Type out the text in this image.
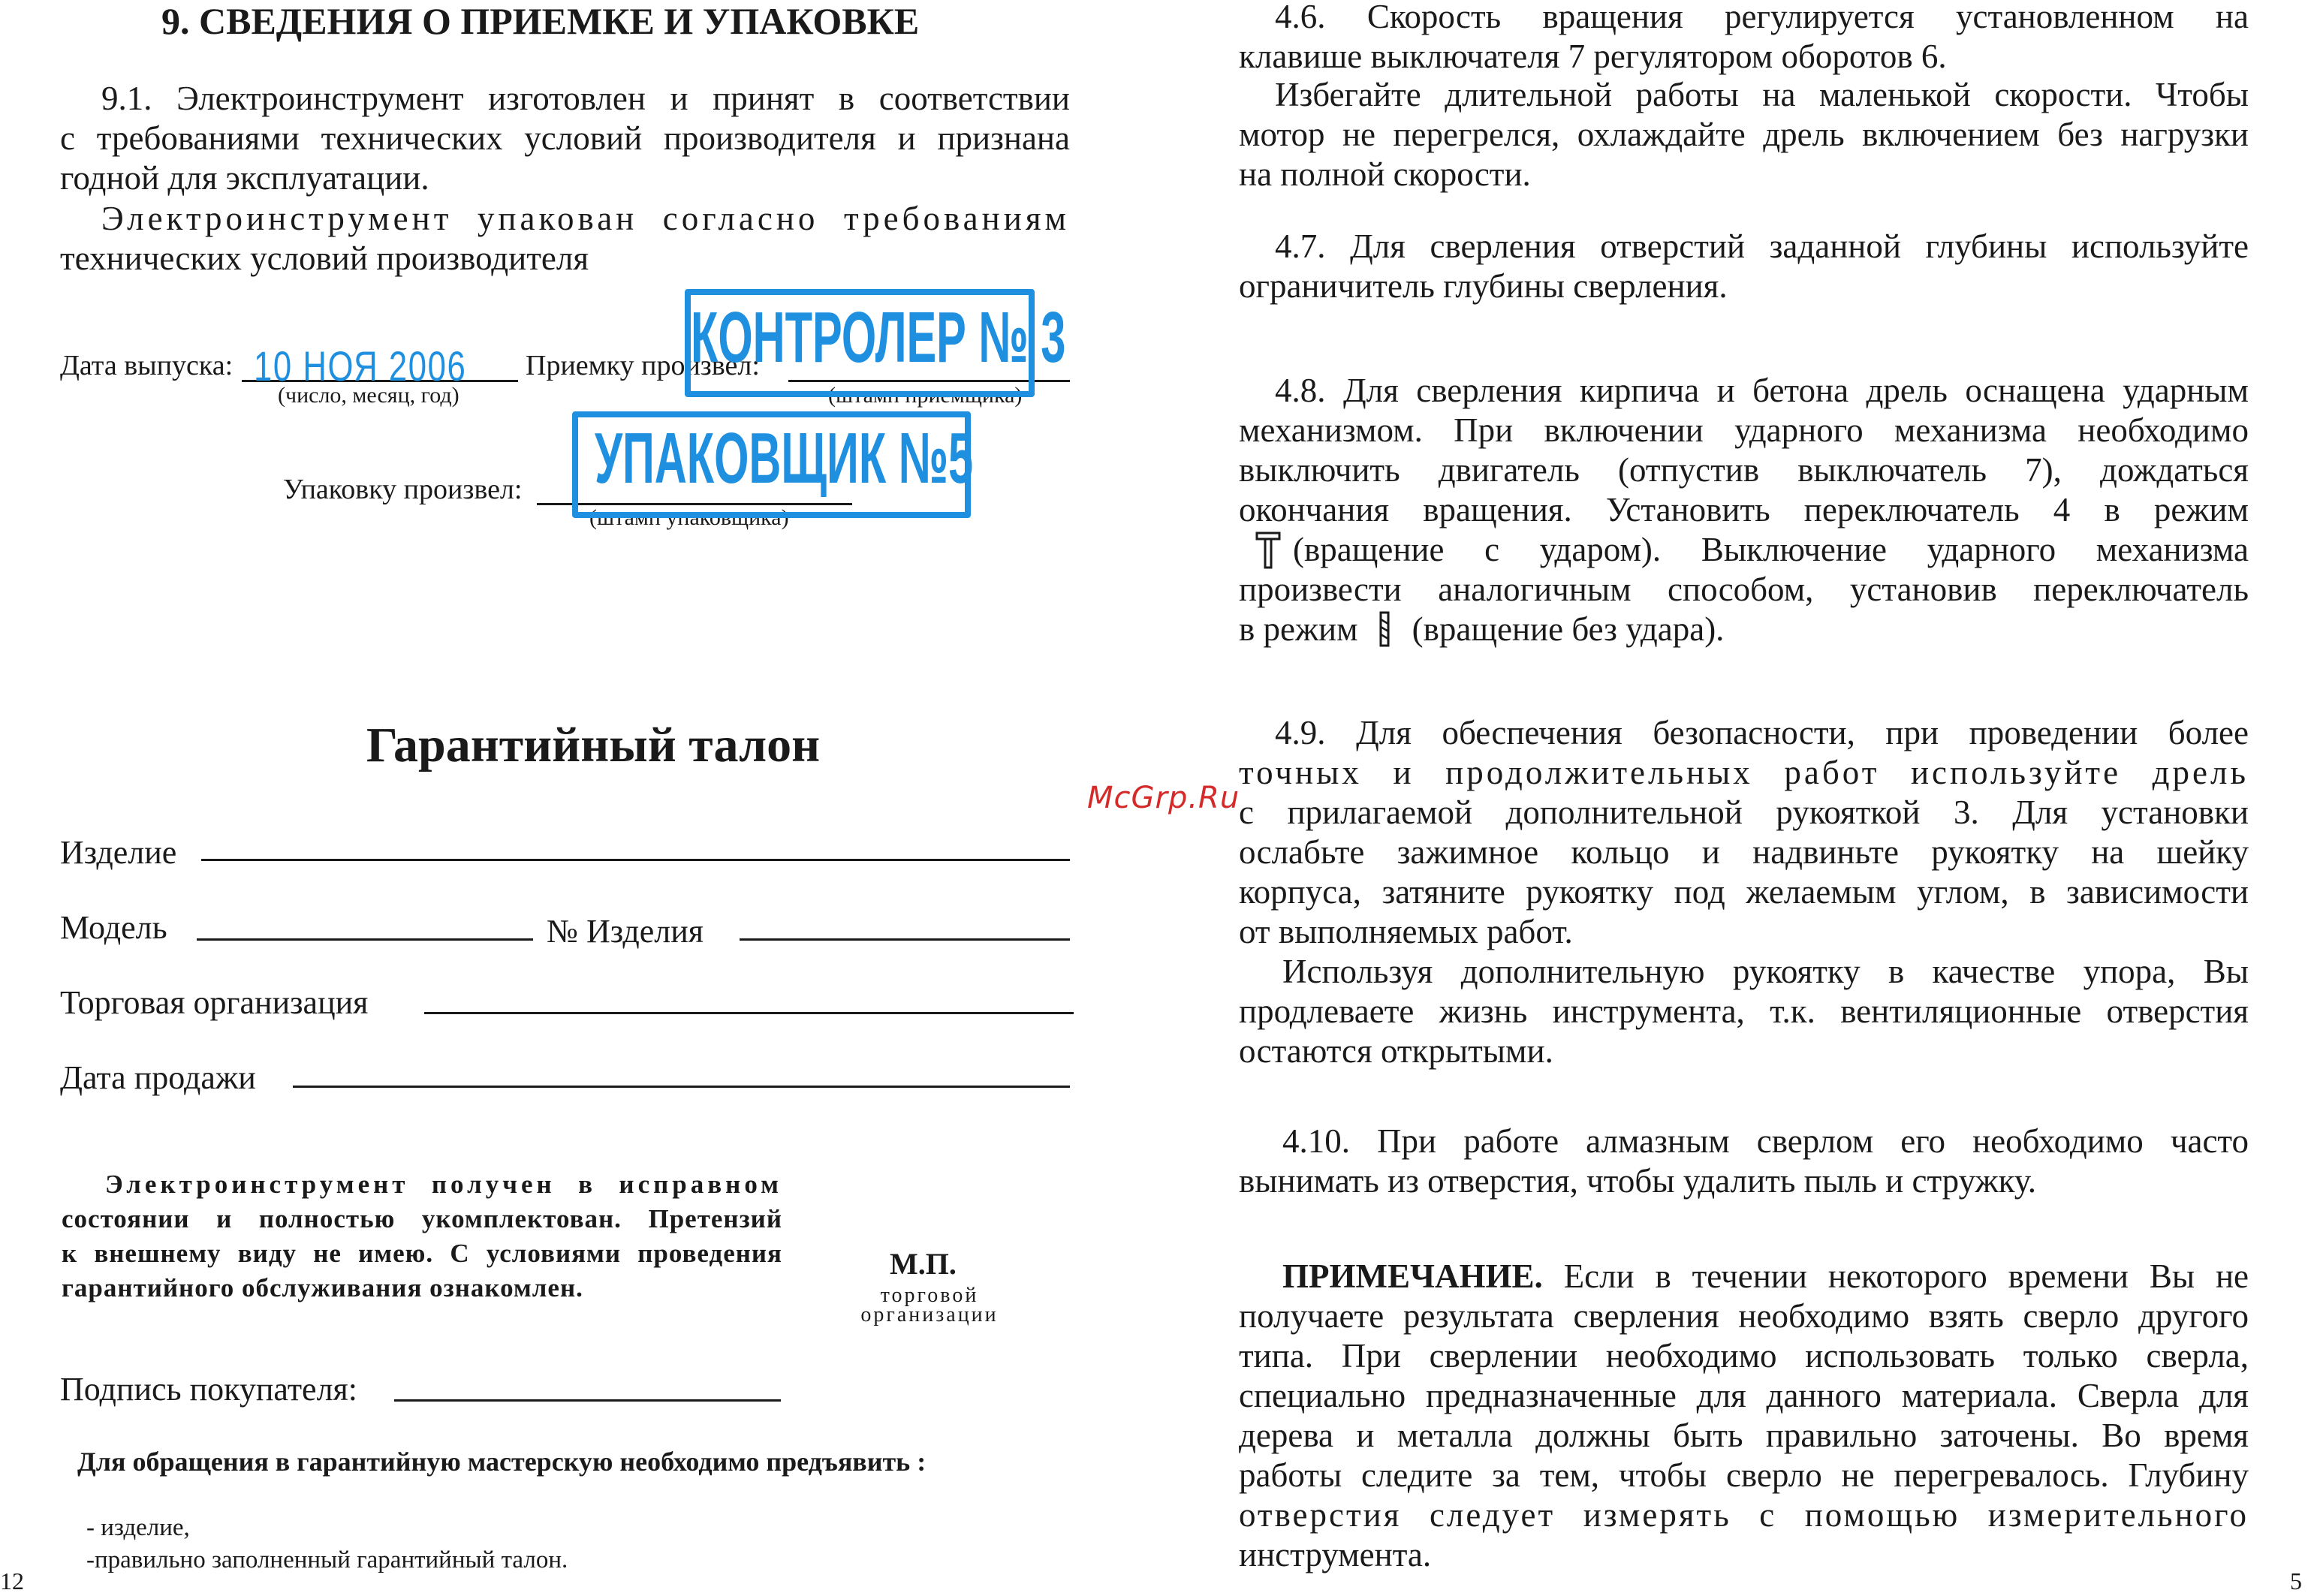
9. СВЕДЕНИЯ О ПРИЕМКЕ И УПАКОВКЕ
9.1. Электроинструмент изготовлен и принят в соответствии
с требованиями технических условий производителя и признана
годной для эксплуатации.
Электроинструмент упакован согласно требованиям
технических условий производителя
Дата выпуска: 10 НОЯ 2006
(число, месяц, год)
Приемку произвел:
(штамп приемщика)
КОНТРОЛЕР № 3
Упаковку произвел:
(штамп упаковщика)
УПАКОВЩИК №5
Гарантийный талон
Изделие
Модель	№ Изделия
Торговая организация
Дата продажи
Электроинструмент получен в исправном
состоянии и полностью укомплектован. Претензий
к внешнему виду не имею. С условиями проведения
гарантийного обслуживания ознакомлен.
М.П.
торговой
организации
Подпись покупателя:
Для обращения в гарантийную мастерскую необходимо предъявить :
- изделие,
-правильно заполненный гарантийный талон.
12
McGrp.Ru
4.6. Скорость вращения регулируется установленном на
клавише выключателя 7 регулятором оборотов 6.
Избегайте длительной работы на маленькой скорости. Чтобы
мотор не перегрелся, охлаждайте дрель включением без нагрузки
на полной скорости.
4.7. Для сверления отверстий заданной глубины используйте
ограничитель глубины сверления.
4.8. Для сверления кирпича и бетона дрель оснащена ударным
механизмом. При включении ударного механизма необходимо
выключить двигатель (отпустив выключатель 7), дождаться
окончания вращения. Установить переключатель 4 в режим
(вращение с ударом). Выключение ударного механизма
произвести аналогичным способом, установив переключатель
в режим (вращение без удара).
4.9. Для обеспечения безопасности, при проведении более
точных и продолжительных работ используйте дрель
с прилагаемой дополнительной рукояткой 3. Для установки
ослабьте зажимное кольцо и надвиньте рукоятку на шейку
корпуса, затяните рукоятку под желаемым углом, в зависимости
от выполняемых работ.
Используя дополнительную рукоятку в качестве упора, Вы
продлеваете жизнь инструмента, т.к. вентиляционные отверстия
остаются открытыми.
4.10. При работе алмазным сверлом его необходимо часто
вынимать из отверстия, чтобы удалить пыль и стружку.
ПРИМЕЧАНИЕ. Если в течении некоторого времени Вы не
получаете результата сверления необходимо взять сверло другого
типа. При сверлении необходимо использовать только сверла,
специально предназначенные для данного материала. Сверла для
дерева и металла должны быть правильно заточены. Во время
работы следите за тем, чтобы сверло не перегревалось. Глубину
отверстия следует измерять с помощью измерительного
инструмента.
5
